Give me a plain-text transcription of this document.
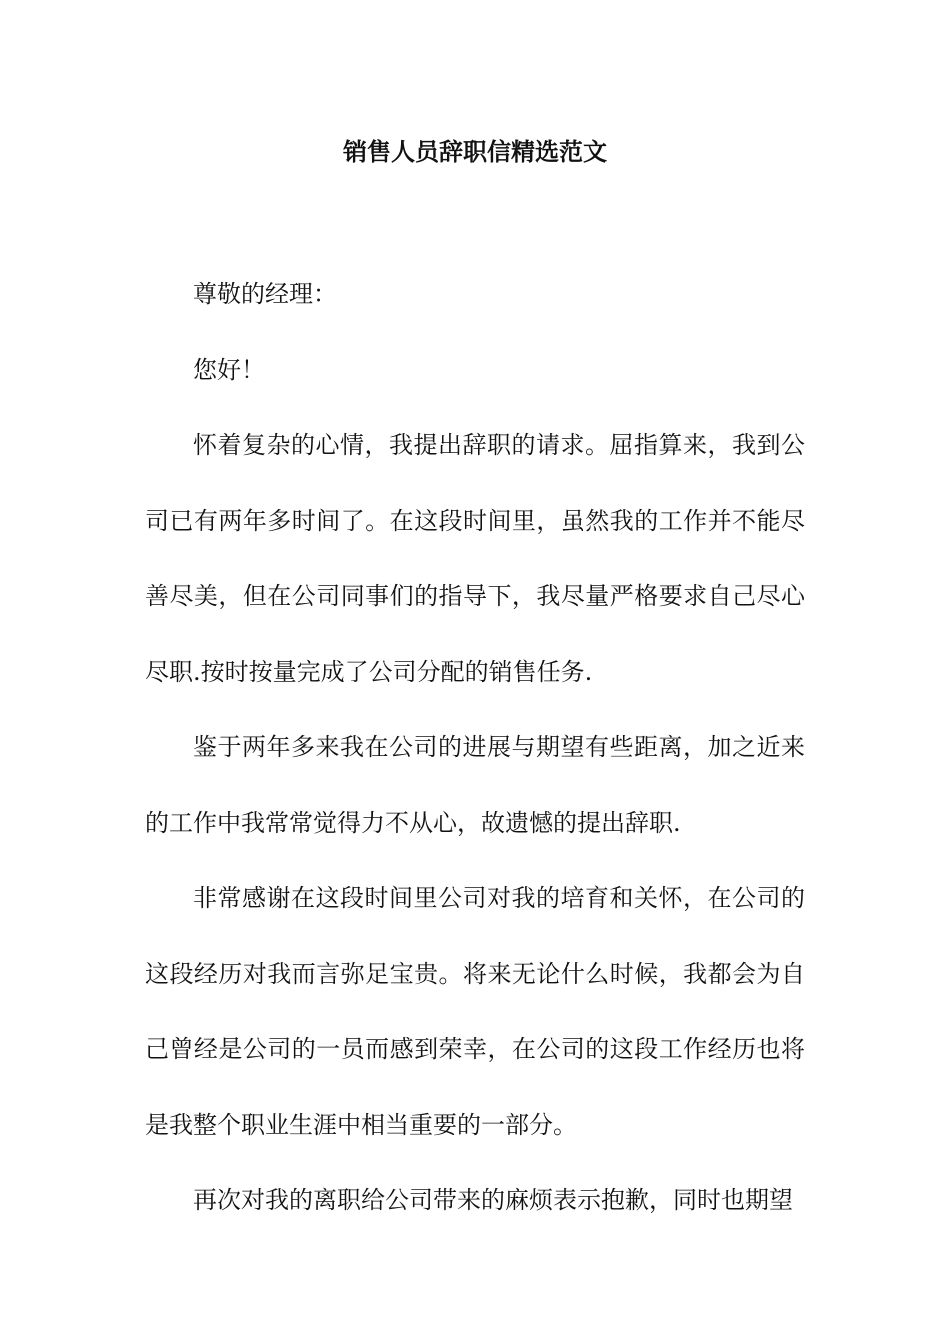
销售人员辞职信精选范文

尊敬的经理：

您好！

怀着复杂的心情，我提出辞职的请求。屈指算来，我到公司已有两年多时间了。在这段时间里，虽然我的工作并不能尽善尽美，但在公司同事们的指导下，我尽量严格要求自己尽心尽职.按时按量完成了公司分配的销售任务.

鉴于两年多来我在公司的进展与期望有些距离，加之近来的工作中我常常觉得力不从心，故遗憾的提出辞职.

非常感谢在这段时间里公司对我的培育和关怀，在公司的这段经历对我而言弥足宝贵。将来无论什么时候，我都会为自己曾经是公司的一员而感到荣幸，在公司的这段工作经历也将是我整个职业生涯中相当重要的一部分。

再次对我的离职给公司带来的麻烦表示抱歉，同时也期望
